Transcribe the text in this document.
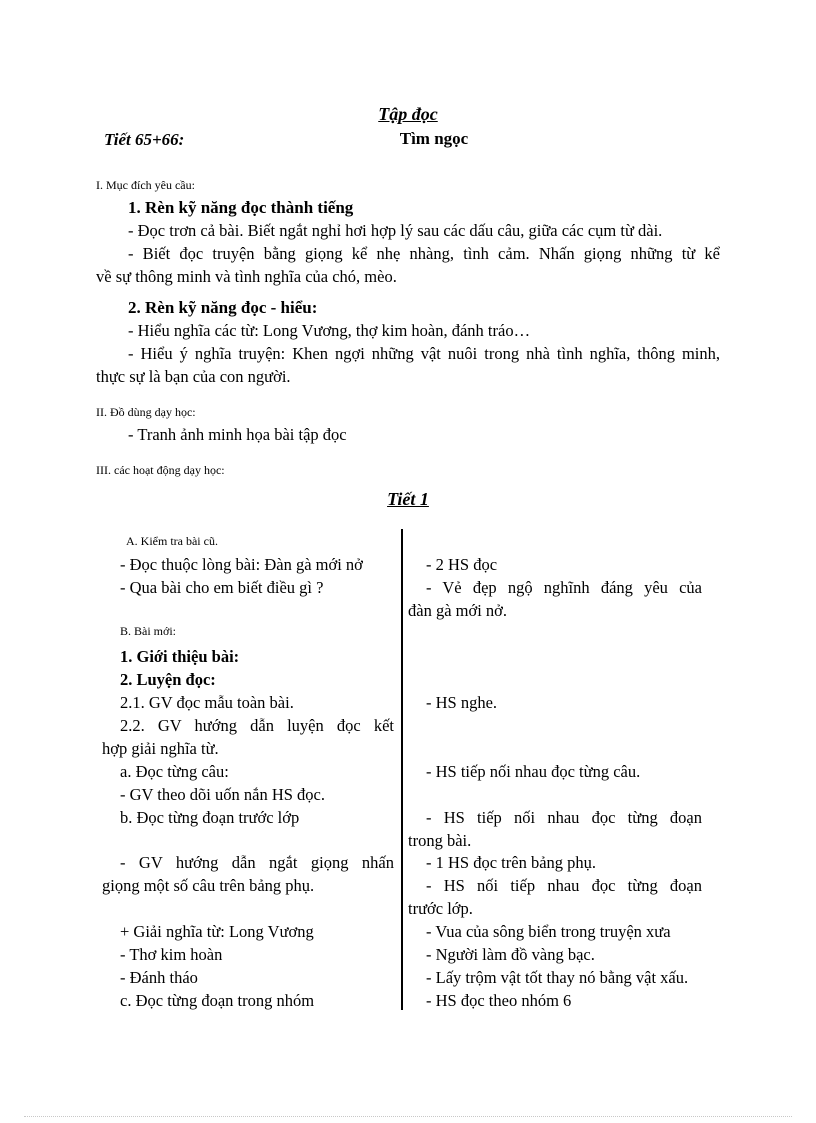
Tập đọc
Tiết 65+66:	Tìm ngọc
I. Mục đích yêu cầu:
1. Rèn kỹ năng đọc thành tiếng
- Đọc trơn cả bài. Biết ngắt nghỉ hơi hợp lý sau các dấu câu, giữa các cụm từ dài.
- Biết đọc truyện bằng giọng kể nhẹ nhàng, tình cảm. Nhấn giọng những từ kể
về sự thông minh và tình nghĩa của chó, mèo.
2. Rèn kỹ năng đọc - hiểu:
- Hiểu nghĩa các từ: Long Vương, thợ kim hoàn, đánh tráo…
- Hiểu ý nghĩa truyện: Khen ngợi những vật nuôi trong nhà tình nghĩa, thông minh,
thực sự là bạn của con người.
II. Đồ dùng dạy học:
- Tranh ảnh minh họa bài tập đọc
III. các hoạt động dạy học:
Tiết 1
A. Kiểm tra bài cũ.
- Đọc thuộc lòng bài: Đàn gà mới nở
- Qua bài cho em biết điều gì ?
B. Bài mới:
1. Giới thiệu bài:
2. Luyện đọc:
2.1. GV đọc mẫu toàn bài.
2.2. GV hướng dẫn luyện đọc kết
hợp giải nghĩa từ.
a. Đọc từng câu:
- GV theo dõi uốn nắn HS đọc.
b. Đọc từng đoạn trước lớp
- GV hướng dẫn ngắt giọng nhấn
giọng một số câu trên bảng phụ.
+ Giải nghĩa từ: Long Vương
- Thơ kim hoàn
- Đánh tháo
c. Đọc từng đoạn trong nhóm
- 2 HS đọc
- Vẻ đẹp ngộ nghĩnh đáng yêu của
đàn gà mới nở.
- HS nghe.
- HS tiếp nối nhau đọc từng câu.
- HS tiếp nối nhau đọc từng đoạn
trong bài.
- 1 HS đọc trên bảng phụ.
- HS nối tiếp nhau đọc từng đoạn
trước lớp.
- Vua của sông biển trong truyện xưa
- Người làm đồ vàng bạc.
- Lấy trộm vật tốt thay nó bằng vật xấu.
- HS đọc theo nhóm 6
